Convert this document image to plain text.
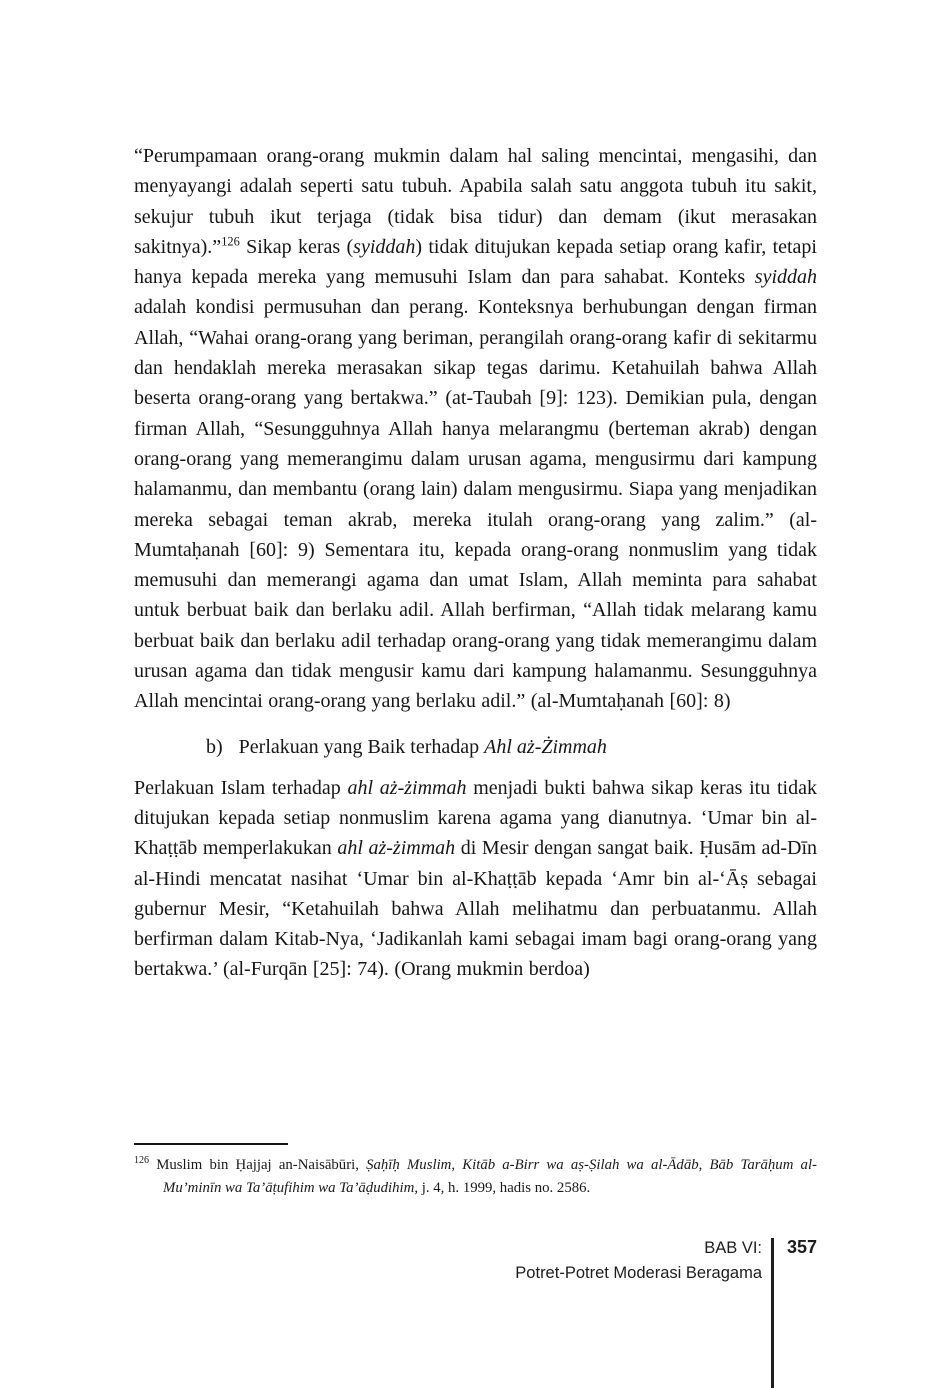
“Perumpamaan orang-orang mukmin dalam hal saling mencintai, mengasihi, dan menyayangi adalah seperti satu tubuh. Apabila salah satu anggota tubuh itu sakit, sekujur tubuh ikut terjaga (tidak bisa tidur) dan demam (ikut merasakan sakitnya).”$^{126}$ Sikap keras (syiddah) tidak ditujukan kepada setiap orang kafir, tetapi hanya kepada mereka yang memusuhi Islam dan para sahabat. Konteks syiddah adalah kondisi permusuhan dan perang. Konteksnya berhubungan dengan firman Allah, “Wahai orang-orang yang beriman, perangilah orang-orang kafir di sekitarmu dan hendaklah mereka merasakan sikap tegas darimu. Ketahuilah bahwa Allah beserta orang-orang yang bertakwa.” (at-Taubah [9]: 123). Demikian pula, dengan firman Allah, “Sesungguhnya Allah hanya melarangmu (berteman akrab) dengan orang-orang yang memerangimu dalam urusan agama, mengusirmu dari kampung halamanmu, dan membantu (orang lain) dalam mengusirmu. Siapa yang menjadikan mereka sebagai teman akrab, mereka itulah orang-orang yang zalim.” (al-Mumtaḥanah [60]: 9) Sementara itu, kepada orang-orang nonmuslim yang tidak memusuhi dan memerangi agama dan umat Islam, Allah meminta para sahabat untuk berbuat baik dan berlaku adil. Allah berfirman, “Allah tidak melarang kamu berbuat baik dan berlaku adil terhadap orang-orang yang tidak memerangimu dalam urusan agama dan tidak mengusir kamu dari kampung halamanmu. Sesungguhnya Allah mencintai orang-orang yang berlaku adil.” (al-Mumtaḥanah [60]: 8)

b) Perlakuan yang Baik terhadap Ahl aż-Żimmah

Perlakuan Islam terhadap ahl aż-żimmah menjadi bukti bahwa sikap keras itu tidak ditujukan kepada setiap nonmuslim karena agama yang dianutnya. ‘Umar bin al-Khaṭṭāb memperlakukan ahl aż-żimmah di Mesir dengan sangat baik. Ḥusām ad-Dīn al-Hindi mencatat nasihat ‘Umar bin al-Khaṭṭāb kepada ‘Amr bin al-‘Āṣ sebagai gubernur Mesir, “Ketahuilah bahwa Allah melihatmu dan perbuatanmu. Allah berfirman dalam Kitab-Nya, ‘Jadikanlah kami sebagai imam bagi orang-orang yang bertakwa.’ (al-Furqān [25]: 74). (Orang mukmin berdoa)

$^{126}$ Muslim bin Ḥajjaj an-Naisābūri, Ṣaḥīḥ Muslim, Kitāb a-Birr wa aṣ-Ṣilah wa al-Ādāb, Bāb Tarāḥum al-Mu’minīn wa Ta’āṭufihim wa Ta’āḍudihim, j. 4, h. 1999, hadis no. 2586.

BAB VI:
Potret-Potret Moderasi Beragama
357
